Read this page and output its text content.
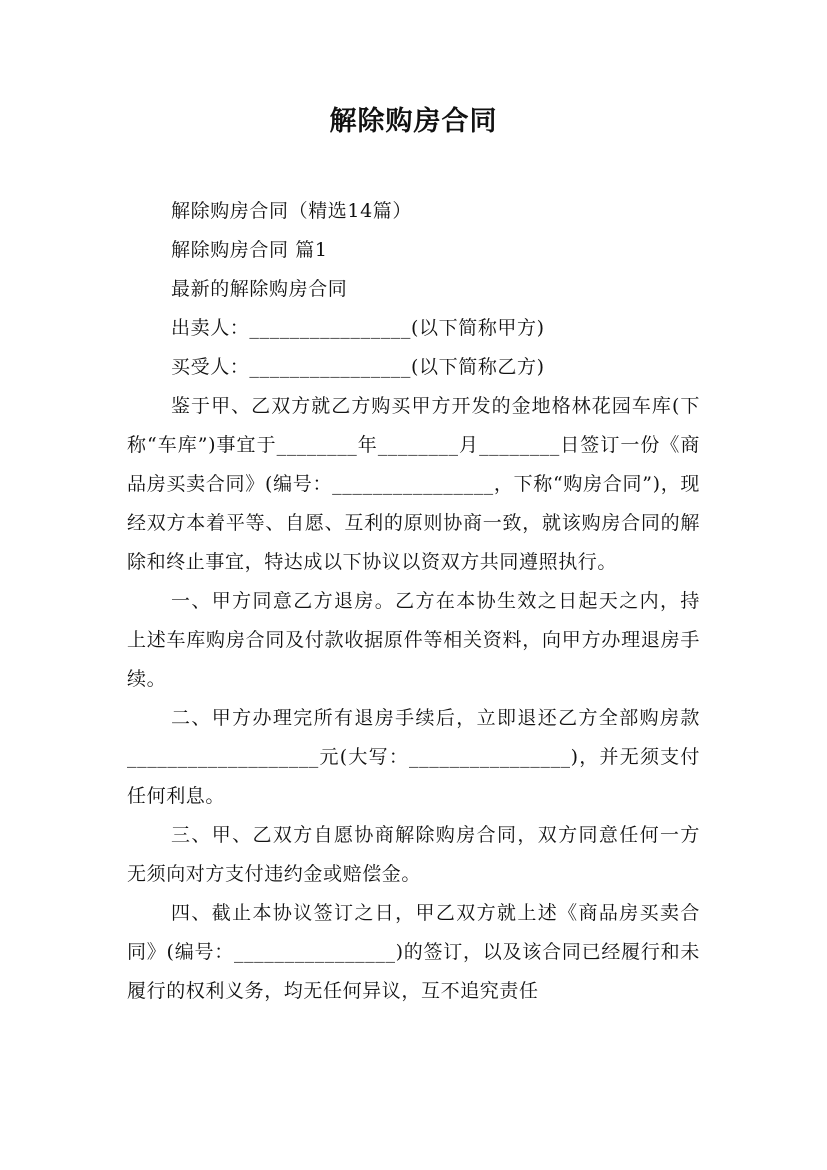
解除购房合同

解除购房合同（精选14篇）

解除购房合同 篇1

最新的解除购房合同

出卖人：________________(以下简称甲方)

买受人：________________(以下简称乙方)

鉴于甲、乙双方就乙方购买甲方开发的金地格林花园车库(下称“车库”)事宜于________年________月________日签订一份《商品房买卖合同》(编号：________________，下称“购房合同”)，现经双方本着平等、自愿、互利的原则协商一致，就该购房合同的解除和终止事宜，特达成以下协议以资双方共同遵照执行。

一、甲方同意乙方退房。乙方在本协生效之日起天之内，持上述车库购房合同及付款收据原件等相关资料，向甲方办理退房手续。

二、甲方办理完所有退房手续后，立即退还乙方全部购房款___________________元(大写：________________)，并无须支付任何利息。

三、甲、乙双方自愿协商解除购房合同，双方同意任何一方无须向对方支付违约金或赔偿金。

四、截止本协议签订之日，甲乙双方就上述《商品房买卖合同》(编号：________________)的签订，以及该合同已经履行和未履行的权利义务，均无任何异议，互不追究责任
